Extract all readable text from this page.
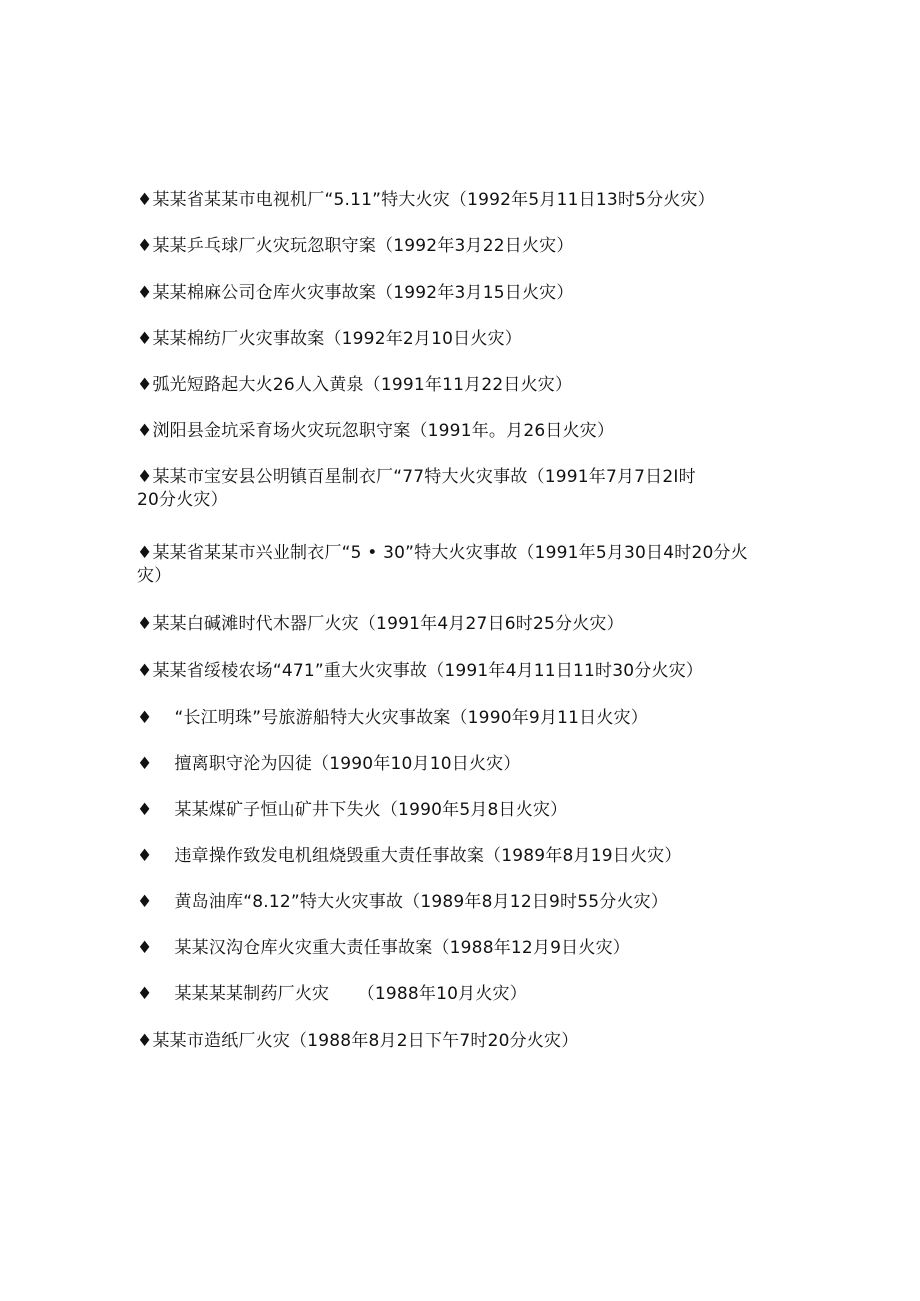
♦某某省某某市电视机厂“5.11”特大火灾（1992年5月11日13时5分火灾）
♦某某乒乓球厂火灾玩忽职守案（1992年3月22日火灾）
♦某某棉麻公司仓库火灾事故案（1992年3月15日火灾）
♦某某棉纺厂火灾事故案（1992年2月10日火灾）
♦弧光短路起大火26人入黄泉（1991年11月22日火灾）
♦浏阳县金坑采育场火灾玩忽职守案（1991年。月26日火灾）
♦某某市宝安县公明镇百星制衣厂“77特大火灾事故（1991年7月7日2I时
20分火灾）
♦某某省某某市兴业制衣厂“5 • 30”特大火灾事故（1991年5月30日4时20分火
灾）
♦某某白碱滩时代木器厂火灾（1991年4月27日6时25分火灾）
♦某某省绥棱农场“471”重大火灾事故（1991年4月11日11时30分火灾）
♦ “长江明珠”号旅游船特大火灾事故案（1990年9月11日火灾）
♦ 擅离职守沦为囚徒（1990年10月10日火灾）
♦ 某某煤矿子恒山矿井下失火（1990年5月8日火灾）
♦ 违章操作致发电机组烧毁重大责任事故案（1989年8月19日火灾）
♦ 黄岛油库“8.12”特大火灾事故（1989年8月12日9时55分火灾）
♦ 某某汉沟仓库火灾重大责任事故案（1988年12月9日火灾）
♦ 某某某某制药厂火灾 　 （1988年10月火灾）
♦某某市造纸厂火灾（1988年8月2日下午7时20分火灾）
